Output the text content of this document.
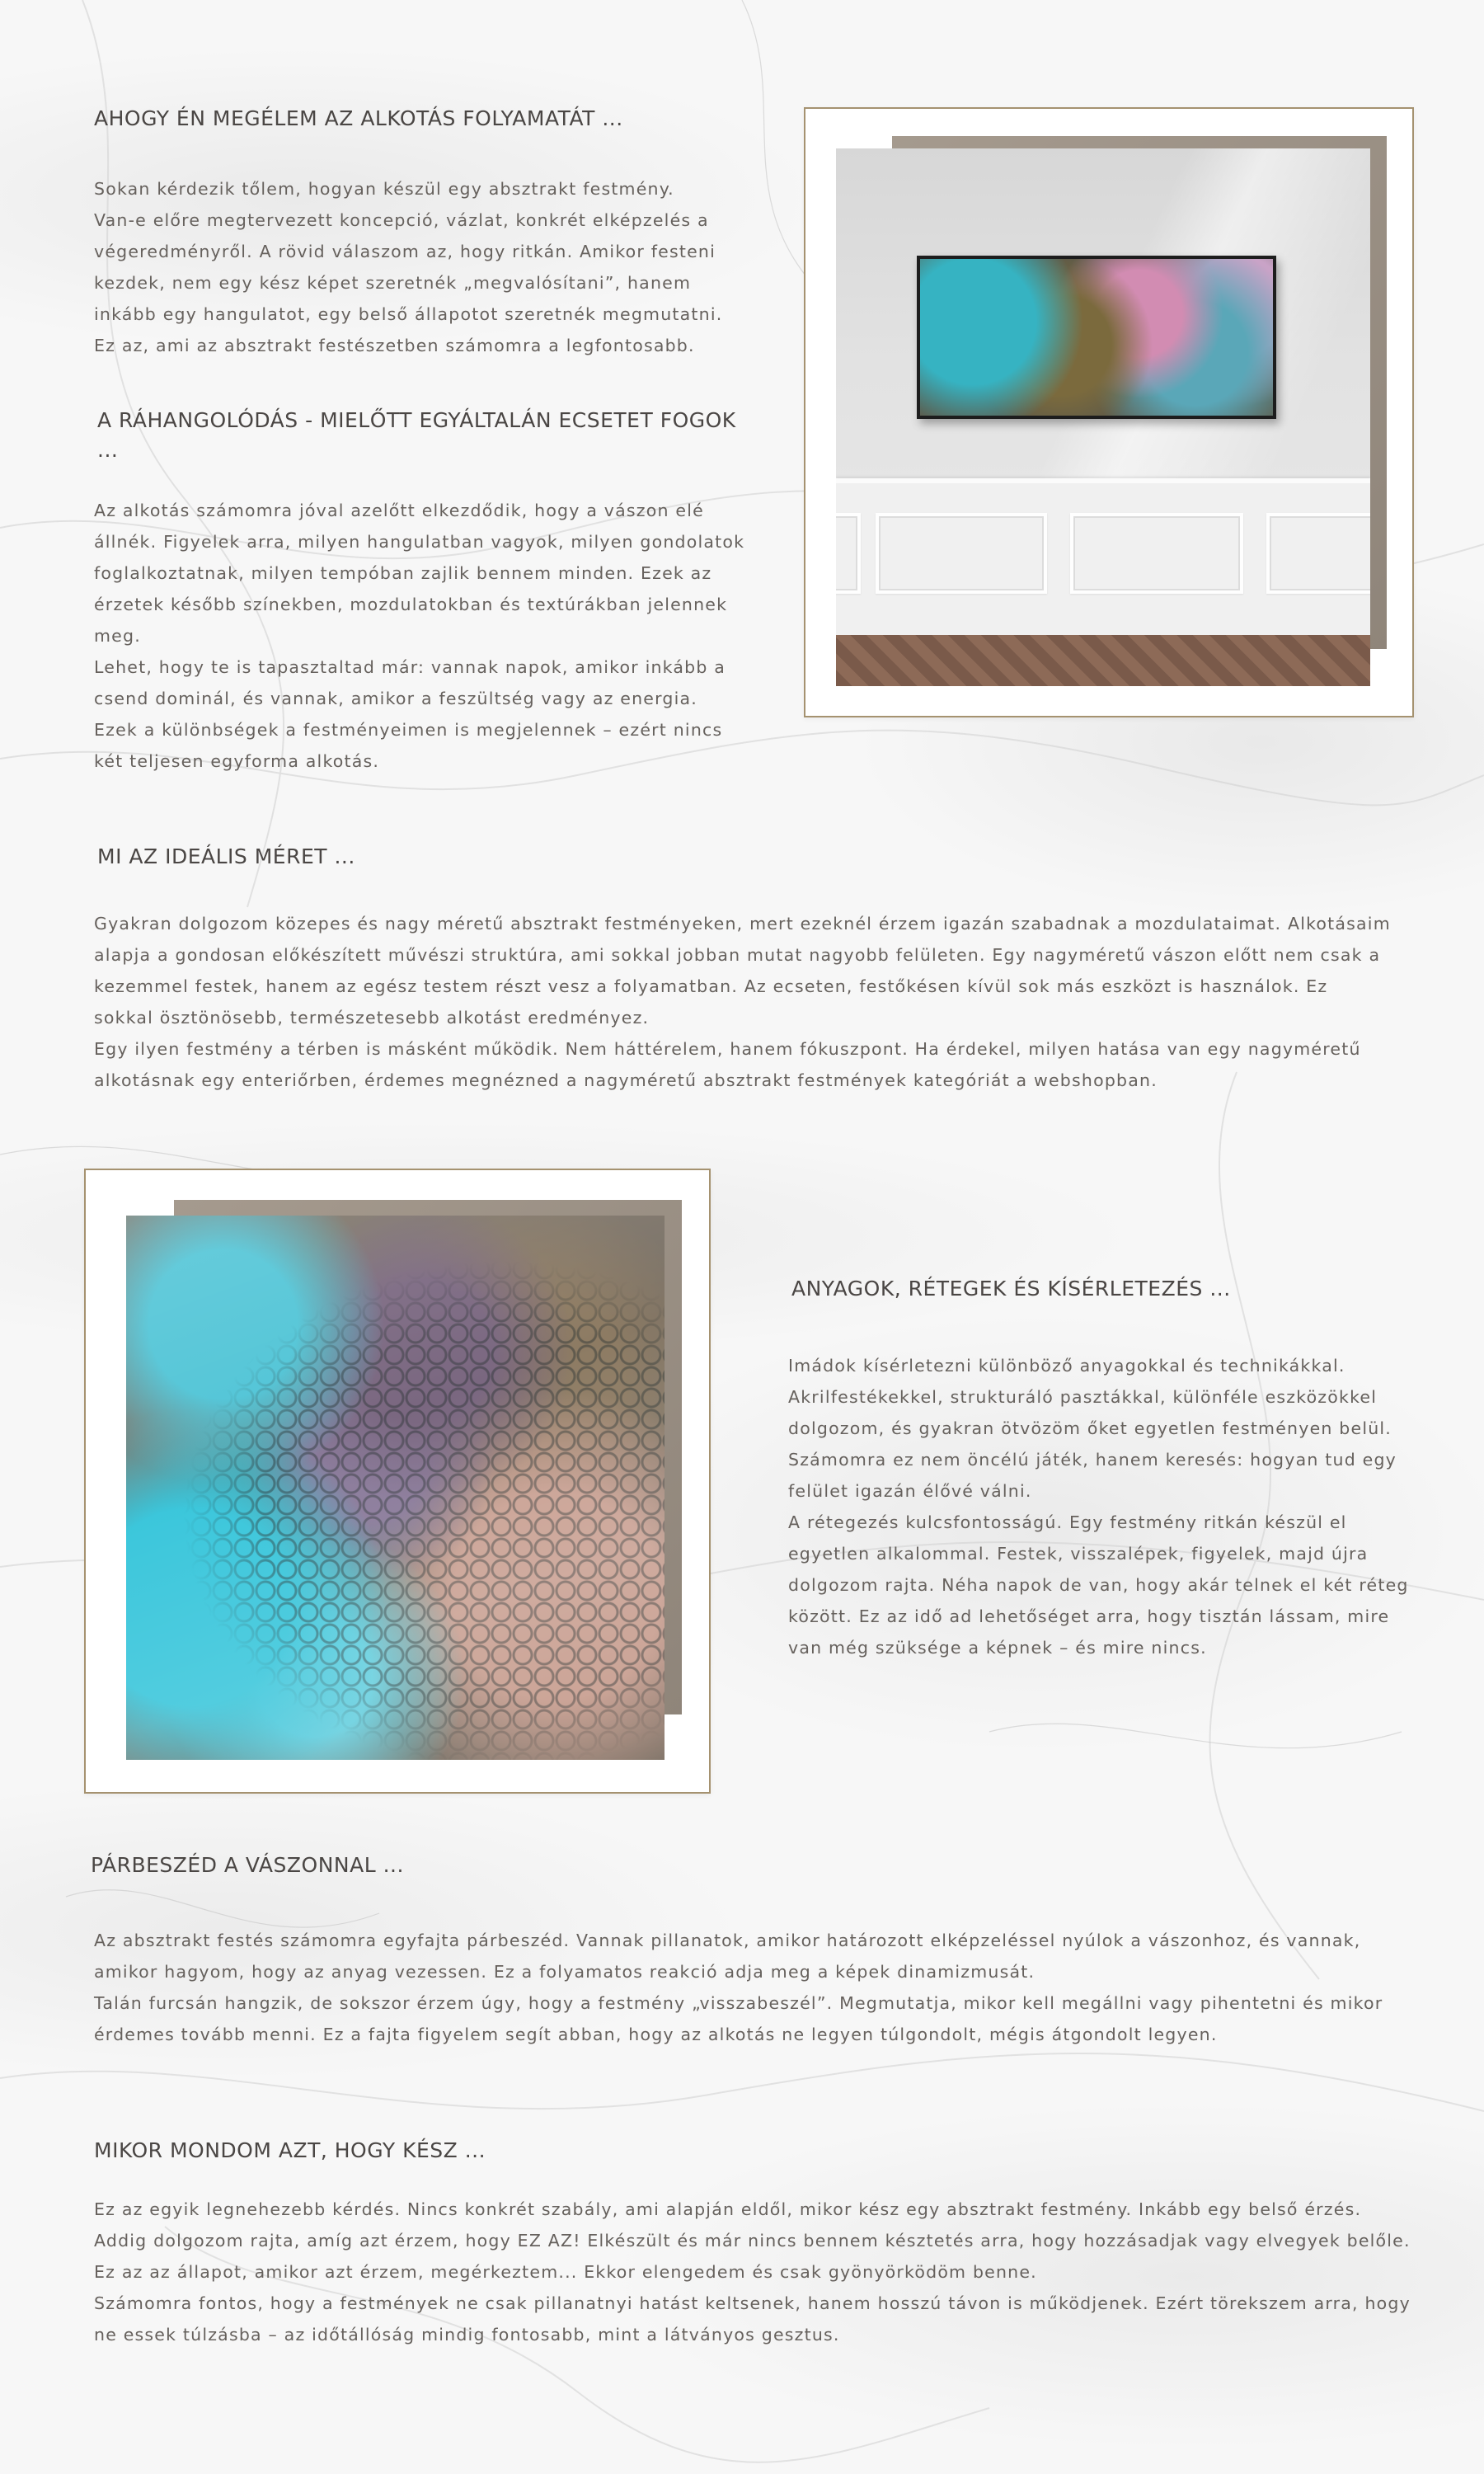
AHOGY ÉN MEGÉLEM AZ ALKOTÁS FOLYAMATÁT ...

Sokan kérdezik tőlem, hogyan készül egy absztrakt festmény.
Van-e előre megtervezett koncepció, vázlat, konkrét elképzelés a
végeredményről. A rövid válaszom az, hogy ritkán. Amikor festeni
kezdek, nem egy kész képet szeretnék „megvalósítani”, hanem
inkább egy hangulatot, egy belső állapotot szeretnék megmutatni.
Ez az, ami az absztrakt festészetben számomra a legfontosabb.

A RÁHANGOLÓDÁS - MIELŐTT EGYÁLTALÁN ECSETET FOGOK ...

Az alkotás számomra jóval azelőtt elkezdődik, hogy a vászon elé
állnék. Figyelek arra, milyen hangulatban vagyok, milyen gondolatok
foglalkoztatnak, milyen tempóban zajlik bennem minden. Ezek az
érzetek később színekben, mozdulatokban és textúrákban jelennek
meg.
Lehet, hogy te is tapasztaltad már: vannak napok, amikor inkább a
csend dominál, és vannak, amikor a feszültség vagy az energia.
Ezek a különbségek a festményeimen is megjelennek – ezért nincs
két teljesen egyforma alkotás.

MI AZ IDEÁLIS MÉRET ...

Gyakran dolgozom közepes és nagy méretű absztrakt festményeken, mert ezeknél érzem igazán szabadnak a mozdulataimat. Alkotásaim
alapja a gondosan előkészített művészi struktúra, ami sokkal jobban mutat nagyobb felületen. Egy nagyméretű vászon előtt nem csak a
kezemmel festek, hanem az egész testem részt vesz a folyamatban. Az ecseten, festőkésen kívül sok más eszközt is használok. Ez
sokkal ösztönösebb, természetesebb alkotást eredményez.
Egy ilyen festmény a térben is másként működik. Nem háttérelem, hanem fókuszpont. Ha érdekel, milyen hatása van egy nagyméretű
alkotásnak egy enteriőrben, érdemes megnézned a nagyméretű absztrakt festmények kategóriát a webshopban.

ANYAGOK, RÉTEGEK ÉS KÍSÉRLETEZÉS ...

Imádok kísérletezni különböző anyagokkal és technikákkal.
Akrilfestékekkel, strukturáló pasztákkal, különféle eszközökkel
dolgozom, és gyakran ötvözöm őket egyetlen festményen belül.
Számomra ez nem öncélú játék, hanem keresés: hogyan tud egy
felület igazán élővé válni.
A rétegezés kulcsfontosságú. Egy festmény ritkán készül el
egyetlen alkalommal. Festek, visszalépek, figyelek, majd újra
dolgozom rajta. Néha napok de van, hogy akár telnek el két réteg
között. Ez az idő ad lehetőséget arra, hogy tisztán lássam, mire
van még szüksége a képnek – és mire nincs.

PÁRBESZÉD A VÁSZONNAL ...

Az absztrakt festés számomra egyfajta párbeszéd. Vannak pillanatok, amikor határozott elképzeléssel nyúlok a vászonhoz, és vannak,
amikor hagyom, hogy az anyag vezessen. Ez a folyamatos reakció adja meg a képek dinamizmusát.
Talán furcsán hangzik, de sokszor érzem úgy, hogy a festmény „visszabeszél”. Megmutatja, mikor kell megállni vagy pihentetni és mikor
érdemes tovább menni. Ez a fajta figyelem segít abban, hogy az alkotás ne legyen túlgondolt, mégis átgondolt legyen.

MIKOR MONDOM AZT, HOGY KÉSZ ...

Ez az egyik legnehezebb kérdés. Nincs konkrét szabály, ami alapján eldől, mikor kész egy absztrakt festmény. Inkább egy belső érzés.
Addig dolgozom rajta, amíg azt érzem, hogy EZ AZ! Elkészült és már nincs bennem késztetés arra, hogy hozzásadjak vagy elvegyek belőle.
Ez az az állapot, amikor azt érzem, megérkeztem... Ekkor elengedem és csak gyönyörködöm benne.
Számomra fontos, hogy a festmények ne csak pillanatnyi hatást keltsenek, hanem hosszú távon is működjenek. Ezért törekszem arra, hogy
ne essek túlzásba – az időtállóság mindig fontosabb, mint a látványos gesztus.
